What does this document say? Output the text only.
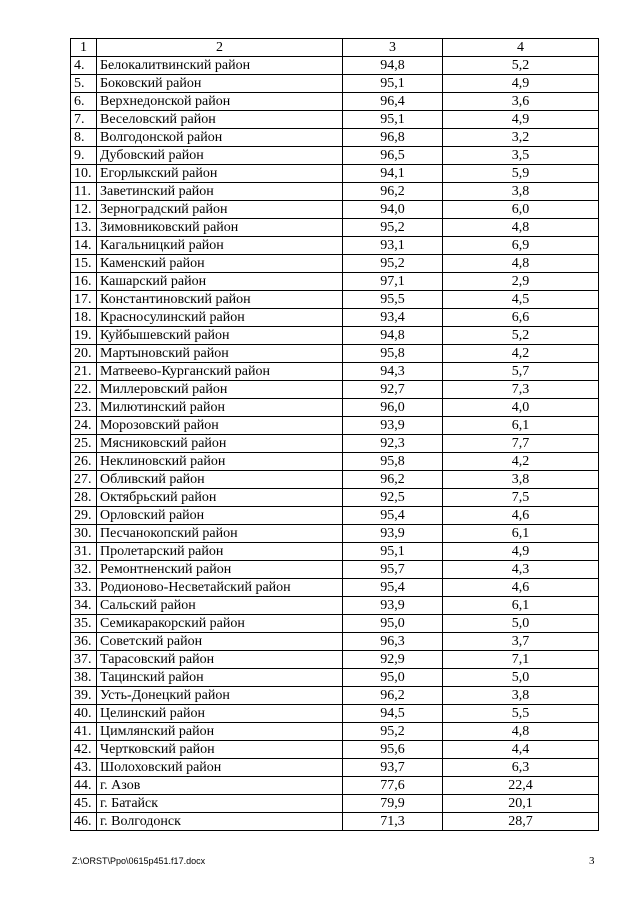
1	2	3	4
4.	Белокалитвинский район	94,8	5,2
5.	Боковский район	95,1	4,9
6.	Верхнедонской район	96,4	3,6
7.	Веселовский район	95,1	4,9
8.	Волгодонской район	96,8	3,2
9.	Дубовский район	96,5	3,5
10.	Егорлыкский район	94,1	5,9
11.	Заветинский район	96,2	3,8
12.	Зерноградский район	94,0	6,0
13.	Зимовниковский район	95,2	4,8
14.	Кагальницкий район	93,1	6,9
15.	Каменский район	95,2	4,8
16.	Кашарский район	97,1	2,9
17.	Константиновский район	95,5	4,5
18.	Красносулинский район	93,4	6,6
19.	Куйбышевский район	94,8	5,2
20.	Мартыновский район	95,8	4,2
21.	Матвеево-Курганский район	94,3	5,7
22.	Миллеровский район	92,7	7,3
23.	Милютинский район	96,0	4,0
24.	Морозовский район	93,9	6,1
25.	Мясниковский район	92,3	7,7
26.	Неклиновский район	95,8	4,2
27.	Обливский район	96,2	3,8
28.	Октябрьский район	92,5	7,5
29.	Орловский район	95,4	4,6
30.	Песчанокопский район	93,9	6,1
31.	Пролетарский район	95,1	4,9
32.	Ремонтненский район	95,7	4,3
33.	Родионово-Несветайский район	95,4	4,6
34.	Сальский район	93,9	6,1
35.	Семикаракорский район	95,0	5,0
36.	Советский район	96,3	3,7
37.	Тарасовский район	92,9	7,1
38.	Тацинский район	95,0	5,0
39.	Усть-Донецкий район	96,2	3,8
40.	Целинский район	94,5	5,5
41.	Цимлянский район	95,2	4,8
42.	Чертковский район	95,6	4,4
43.	Шолоховский район	93,7	6,3
44.	г. Азов	77,6	22,4
45.	г. Батайск	79,9	20,1
46.	г. Волгодонск	71,3	28,7
Z:\ORST\Ppo\0615p451.f17.docx	3
